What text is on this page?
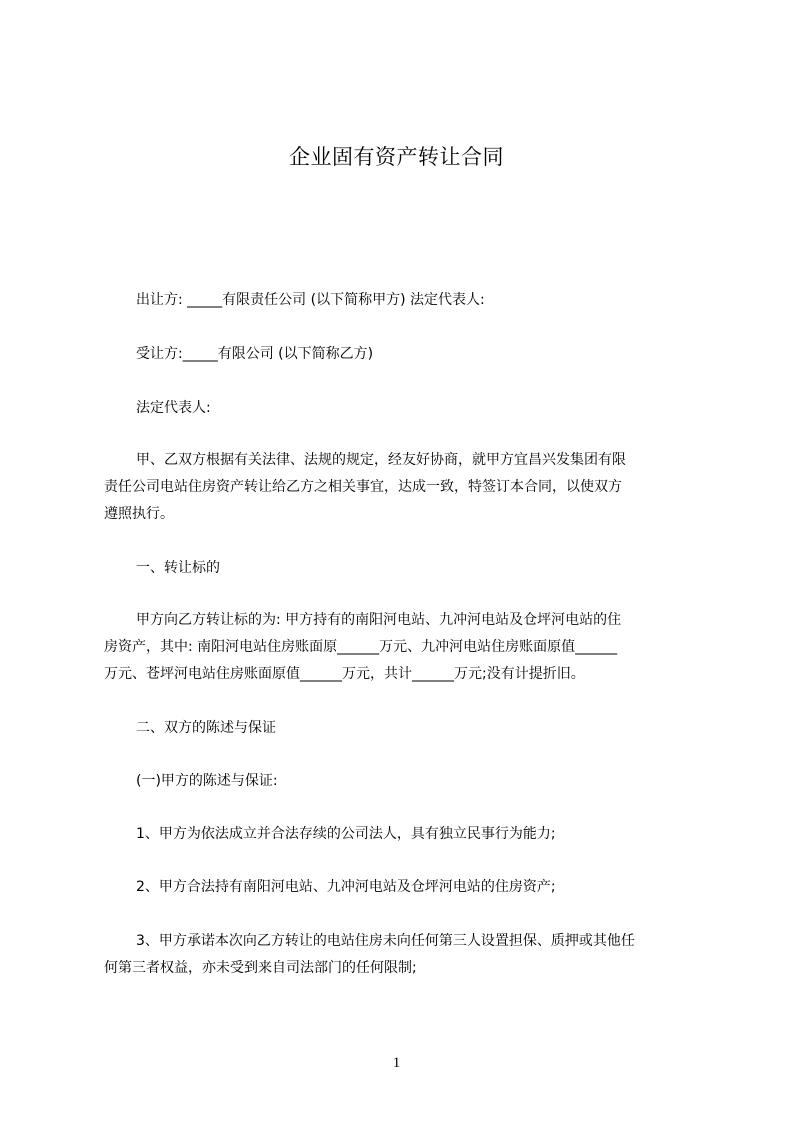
企业固有资产转让合同
出让方: _____有限责任公司 (以下简称甲方) 法定代表人:
受让方:_____有限公司 (以下简称乙方)
法定代表人:
甲、乙双方根据有关法律、法规的规定，经友好协商，就甲方宜昌兴发集团有限
责任公司电站住房资产转让给乙方之相关事宜，达成一致，特签订本合同，以使双方
遵照执行。
一、转让标的
甲方向乙方转让标的为: 甲方持有的南阳河电站、九冲河电站及仓坪河电站的住
房资产，其中: 南阳河电站住房账面原______万元、九冲河电站住房账面原值______
万元、苍坪河电站住房账面原值______万元，共计______万元;没有计提折旧。
二、双方的陈述与保证
(一)甲方的陈述与保证:
1、甲方为依法成立并合法存续的公司法人，具有独立民事行为能力;
2、甲方合法持有南阳河电站、九冲河电站及仓坪河电站的住房资产;
3、甲方承诺本次向乙方转让的电站住房未向任何第三人设置担保、质押或其他任
何第三者权益，亦未受到来自司法部门的任何限制;
1
